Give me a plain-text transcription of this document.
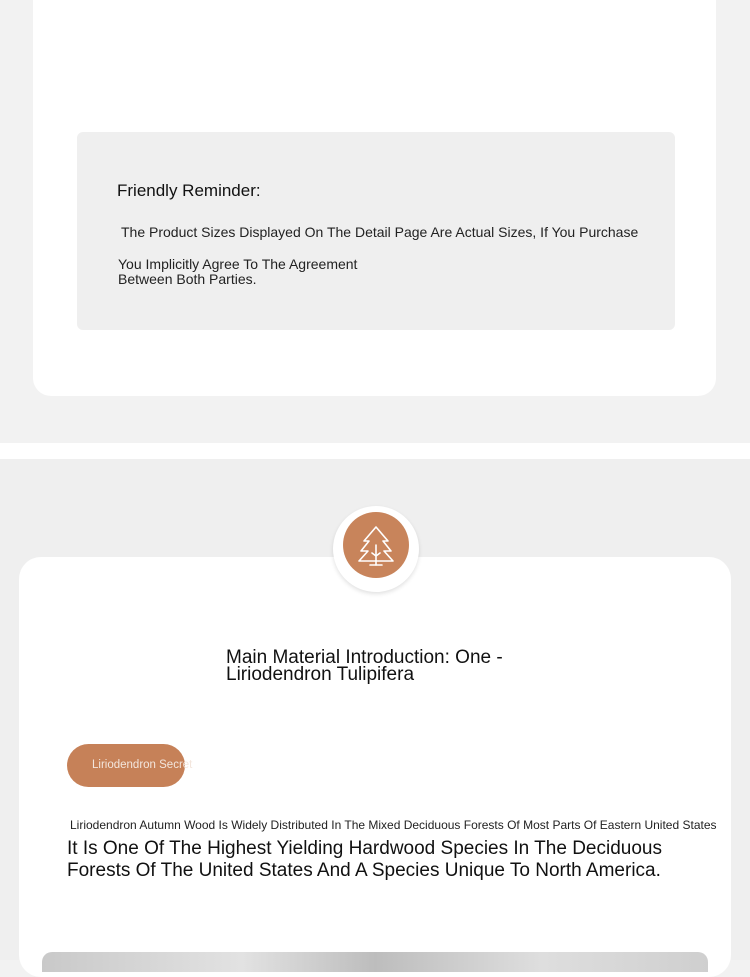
Friendly Reminder:
The Product Sizes Displayed On The Detail Page Are Actual Sizes, If You Purchase
You Implicitly Agree To The Agreement
Between Both Parties.
Main Material Introduction: One -
Liriodendron Tulipifera
Liriodendron Secret
Liriodendron Autumn Wood Is Widely Distributed In The Mixed Deciduous Forests Of Most Parts Of Eastern United States
It Is One Of The Highest Yielding Hardwood Species In The Deciduous Forests Of The United States And A Species Unique To North America.
